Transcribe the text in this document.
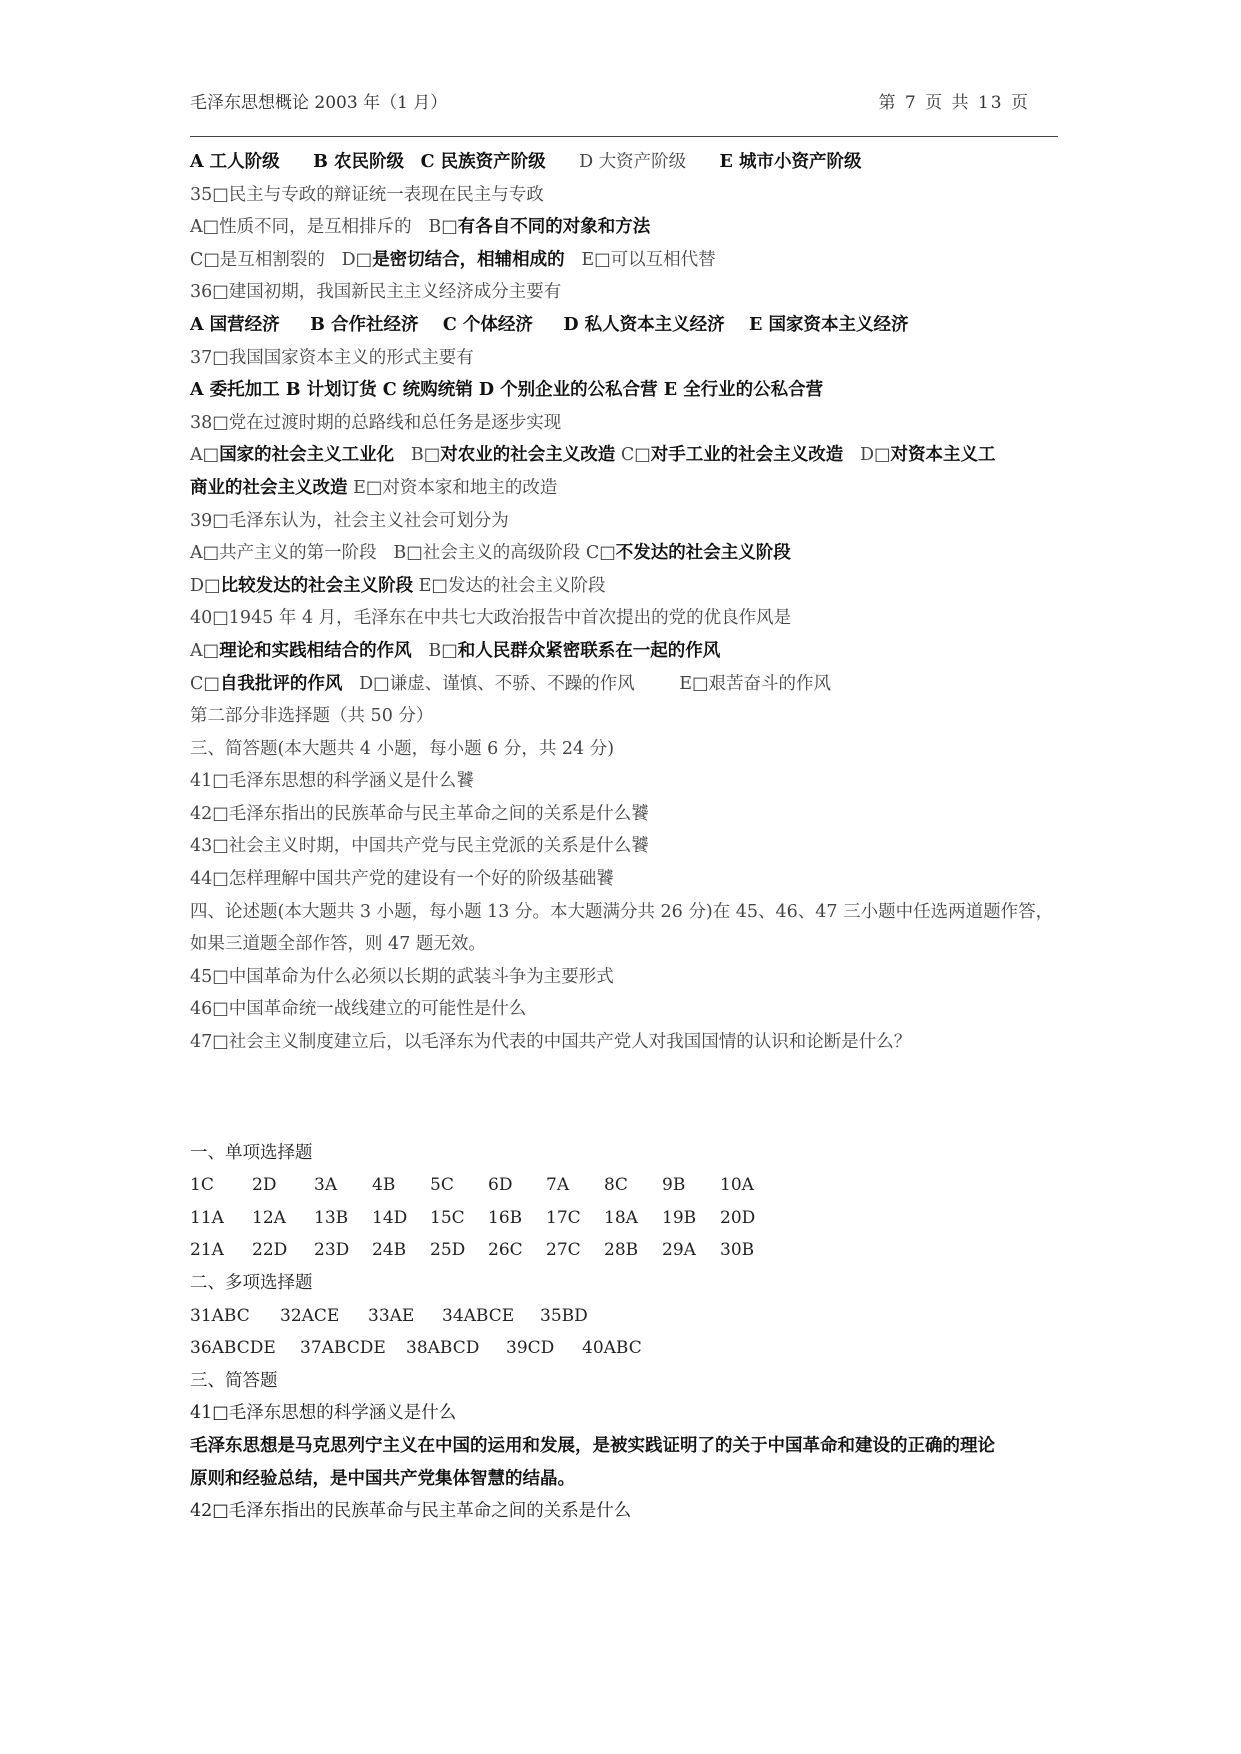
毛泽东思想概论 2003 年（1 月）	第 7 页 共 13 页
A 工人阶级 B 农民阶级 C 民族资产阶级      D 大资产阶级      E 城市小资产阶级
35□民主与专政的辩证统一表现在民主与专政
A□性质不同，是互相排斥的   B□有各自不同的对象和方法
C□是互相割裂的   D□是密切结合，相辅相成的   E□可以互相代替
36□建国初期，我国新民主主义经济成分主要有
A 国营经济     B 合作社经济    C 个体经济     D 私人资本主义经济    E 国家资本主义经济
37□我国国家资本主义的形式主要有
A 委托加工 B 计划订货 C 统购统销 D 个别企业的公私合营 E 全行业的公私合营
38□党在过渡时期的总路线和总任务是逐步实现
A□国家的社会主义工业化   B□对农业的社会主义改造 C□对手工业的社会主义改造   D□对资本主义工
商业的社会主义改造 E□对资本家和地主的改造
39□毛泽东认为，社会主义社会可划分为
A□共产主义的第一阶段   B□社会主义的高级阶段 C□不发达的社会主义阶段
D□比较发达的社会主义阶段 E□发达的社会主义阶段
40□1945 年 4 月，毛泽东在中共七大政治报告中首次提出的党的优良作风是
A□理论和实践相结合的作风   B□和人民群众紧密联系在一起的作风
C□自我批评的作风   D□谦虚、谨慎、不骄、不躁的作风        E□艰苦奋斗的作风
第二部分非选择题（共 50 分）
三、简答题(本大题共 4 小题，每小题 6 分，共 24 分)
41□毛泽东思想的科学涵义是什么饕
42□毛泽东指出的民族革命与民主革命之间的关系是什么饕
43□社会主义时期，中国共产党与民主党派的关系是什么饕
44□怎样理解中国共产党的建设有一个好的阶级基础饕
四、论述题(本大题共 3 小题，每小题 13 分。本大题满分共 26 分)在 45、46、47 三小题中任选两道题作答，
如果三道题全部作答，则 47 题无效。
45□中国革命为什么必须以长期的武装斗争为主要形式
46□中国革命统一战线建立的可能性是什么
47□社会主义制度建立后，以毛泽东为代表的中国共产党人对我国国情的认识和论断是什么？
一、单项选择题
1C 2D 3A 4B 5C 6D 7A 8C 9B 10A
11A 12A 13B 14D 15C 16B 17C 18A 19B 20D
21A 22D 23D 24B 25D 26C 27C 28B 29A 30B
二、多项选择题
31ABC 32ACE 33AE 34ABCE 35BD
36ABCDE 37ABCDE 38ABCD 39CD 40ABC
三、简答题
41□毛泽东思想的科学涵义是什么
毛泽东思想是马克思列宁主义在中国的运用和发展，是被实践证明了的关于中国革命和建设的正确的理论
原则和经验总结，是中国共产党集体智慧的结晶。
42□毛泽东指出的民族革命与民主革命之间的关系是什么
